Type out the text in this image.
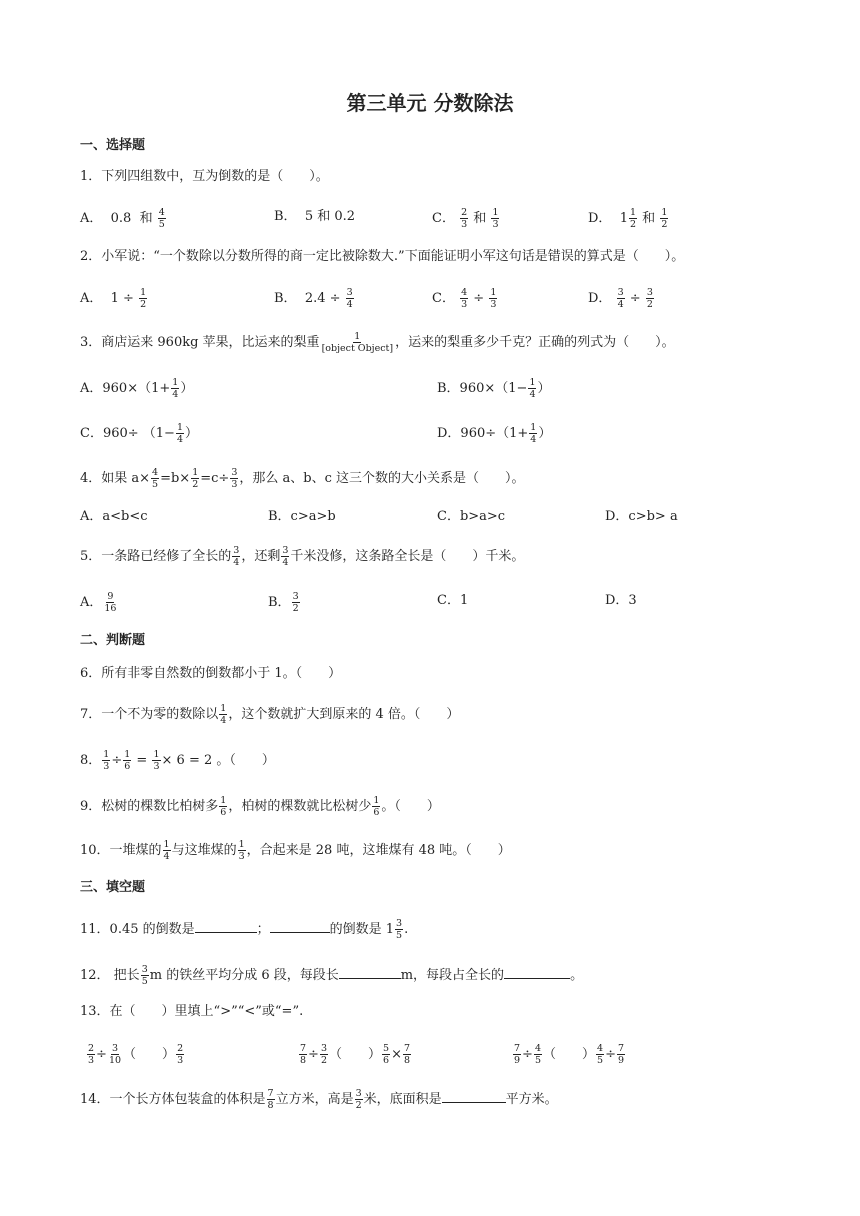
第三单元 分数除法
一、选择题
1．下列四组数中，互为倒数的是（　　）。
A． 0.8 和 $\frac{4}{5}$	B． 5 和 0.2	C． $\frac{2}{3}$ 和 $\frac{1}{3}$	D． $1 \frac{1}{2}$ 和 $\frac{1}{2}$
2．小军说：“一个数除以分数所得的商一定比被除数大.”下面能证明小军这句话是错误的算式是（　　）。
A． $1 \div \frac{1}{2}$	B． $2.4 \div \frac{3}{4}$	C． $\frac{4}{3} \div \frac{1}{3}$	D． $\frac{3}{4} \div \frac{3}{2}$
3．商店运来 960kg 苹果，比运来的梨重	1
[object Object] ，运来的梨重多少千克？正确的列式为（　　）。
A．$960\times(1+ \frac{1}{4}$ ）	B．$960\times(1- \frac{1}{4}$ ）
C．$960\div (1- \frac{1}{4}$ ）	D．$960\div(1+ \frac{1}{4}$ ）
4．如果 $a\times \frac{4}{5} =b\times \frac{1}{2} =c\div \frac{3}{3}$ ，那么 a、b、c 这三个数的大小关系是（　　）。
A．a<b<c	B．c>a>b	C．b>a>c	D．c>b> a
5．一条路已经修了全长的 $\frac{3}{4}$ ，还剩 $\frac{3}{4}$ 千米没修，这条路全长是（　　）千米。
A． $\frac{9}{16}$	B． $\frac{3}{2}$	C．1	D．3
二、判断题
6．所有非零自然数的倒数都小于 1。（　　）
7．一个不为零的数除以 $\frac{1}{4}$ ，这个数就扩大到原来的 4 倍。（　　）
8． $\frac{1}{3} \div \frac{1}{6} = \frac{1}{3} \times 6 = 2$ 。（　　）
9．松树的棵数比柏树多 $\frac{1}{6}$ ，柏树的棵数就比松树少 $\frac{1}{6}$ 。（　　）
10．一堆煤的 $\frac{1}{4}$ 与这堆煤的 $\frac{1}{3}$ ，合起来是 28 吨，这堆煤有 48 吨。（　　）
三、填空题
11．0.45 的倒数是	；	的倒数是 $1 \frac{3}{5}$ .
12． 把长 $\frac{3}{5}$ m 的铁丝平均分成 6 段，每段长	m，每段占全长的	。
13．在（　　）里填上“>”“<”或“=”.
$\frac{2}{3} \div \frac{3}{10}$ （　　） $\frac{2}{3}$	$\frac{7}{8} \div \frac{3}{2}$ （　　） $\frac{5}{6} \times \frac{7}{8}$	$\frac{7}{9} \div \frac{4}{5}$ （　　） $\frac{4}{5} \div \frac{7}{9}$
14．一个长方体包装盒的体积是 $\frac{7}{8}$ 立方米，高是 $\frac{3}{2}$ 米，底面积是	平方米。
